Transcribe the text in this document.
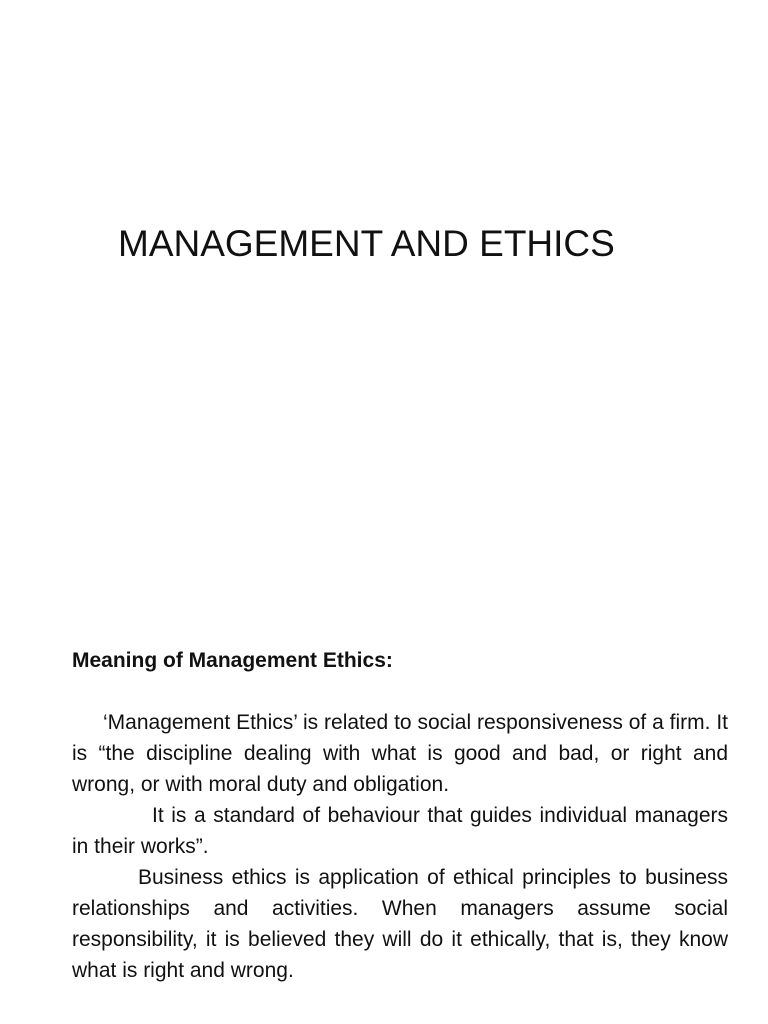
MANAGEMENT AND ETHICS

Meaning of Management Ethics:

‘Management Ethics’ is related to social responsiveness of a firm. It is “the discipline dealing with what is good and bad, or right and wrong, or with moral duty and obligation.

It is a standard of behaviour that guides individual managers in their works”.

Business ethics is application of ethical principles to business relationships and activities. When managers assume social responsibility, it is believed they will do it ethically, that is, they know what is right and wrong.
